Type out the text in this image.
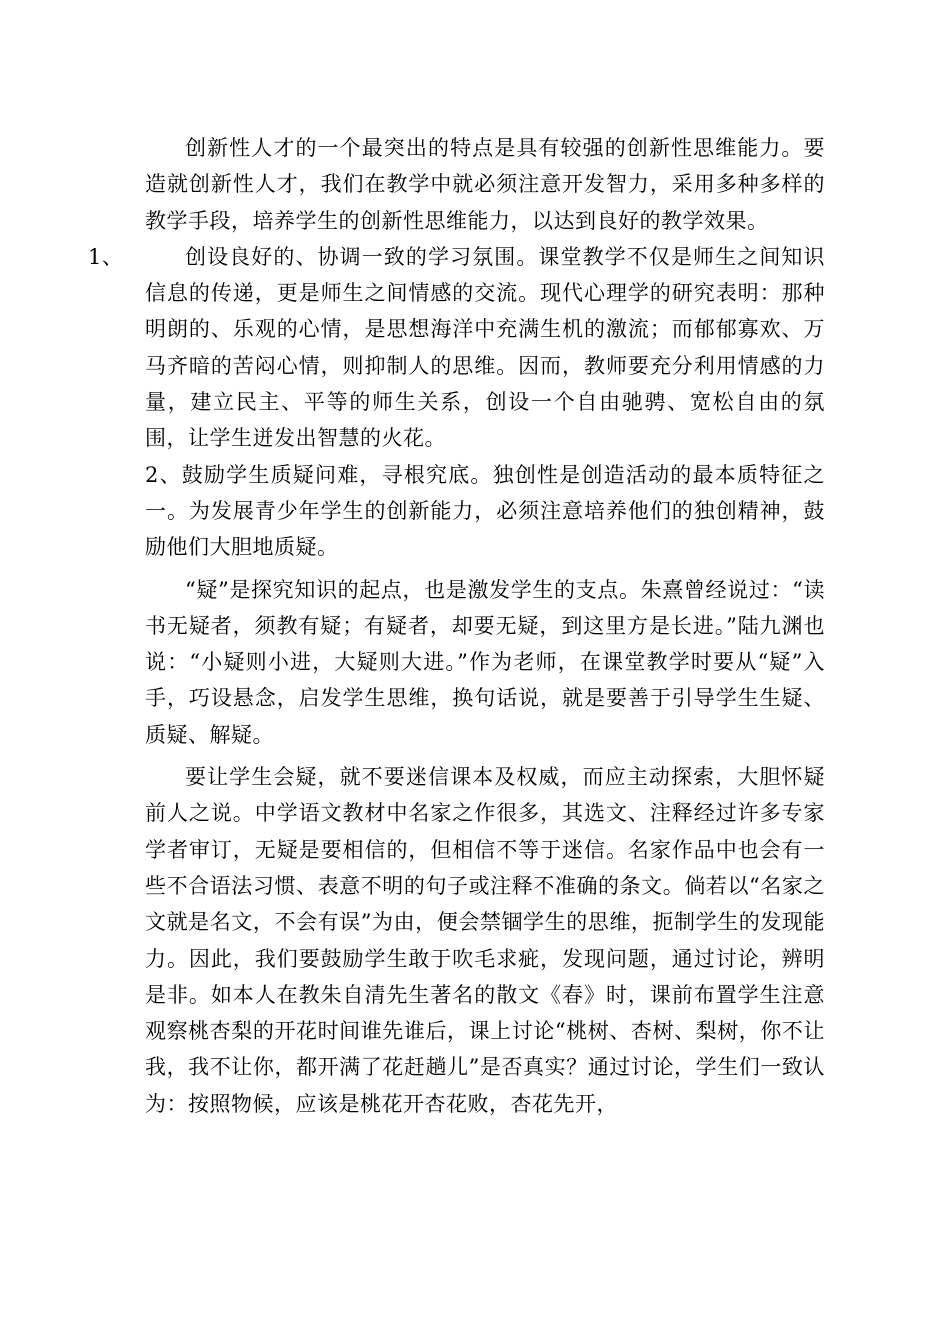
创新性人才的一个最突出的特点是具有较强的创新性思维能力。要造就创新性人才，我们在教学中就必须注意开发智力，采用多种多样的教学手段，培养学生的创新性思维能力，以达到良好的教学效果。

1、	创设良好的、协调一致的学习氛围。课堂教学不仅是师生之间知识信息的传递，更是师生之间情感的交流。现代心理学的研究表明：那种明朗的、乐观的心情，是思想海洋中充满生机的激流；而郁郁寡欢、万马齐暗的苦闷心情，则抑制人的思维。因而，教师要充分利用情感的力量，建立民主、平等的师生关系，创设一个自由驰骋、宽松自由的氛围，让学生迸发出智慧的火花。

2、鼓励学生质疑问难，寻根究底。独创性是创造活动的最本质特征之一。为发展青少年学生的创新能力，必须注意培养他们的独创精神，鼓励他们大胆地质疑。

“疑”是探究知识的起点，也是激发学生的支点。朱熹曾经说过：“读书无疑者，须教有疑；有疑者，却要无疑，到这里方是长进。”陆九渊也说：“小疑则小进，大疑则大进。”作为老师，在课堂教学时要从“疑”入手，巧设悬念，启发学生思维，换句话说，就是要善于引导学生生疑、质疑、解疑。

要让学生会疑，就不要迷信课本及权威，而应主动探索，大胆怀疑前人之说。中学语文教材中名家之作很多，其选文、注释经过许多专家学者审订，无疑是要相信的，但相信不等于迷信。名家作品中也会有一些不合语法习惯、表意不明的句子或注释不准确的条文。倘若以“名家之文就是名文，不会有误”为由，便会禁锢学生的思维，扼制学生的发现能力。因此，我们要鼓励学生敢于吹毛求疵，发现问题，通过讨论，辨明是非。如本人在教朱自清先生著名的散文《春》时，课前布置学生注意观察桃杏梨的开花时间谁先谁后，课上讨论“桃树、杏树、梨树，你不让我，我不让你，都开满了花赶趟儿”是否真实？通过讨论，学生们一致认为：按照物候，应该是桃花开杏花败，杏花先开，
